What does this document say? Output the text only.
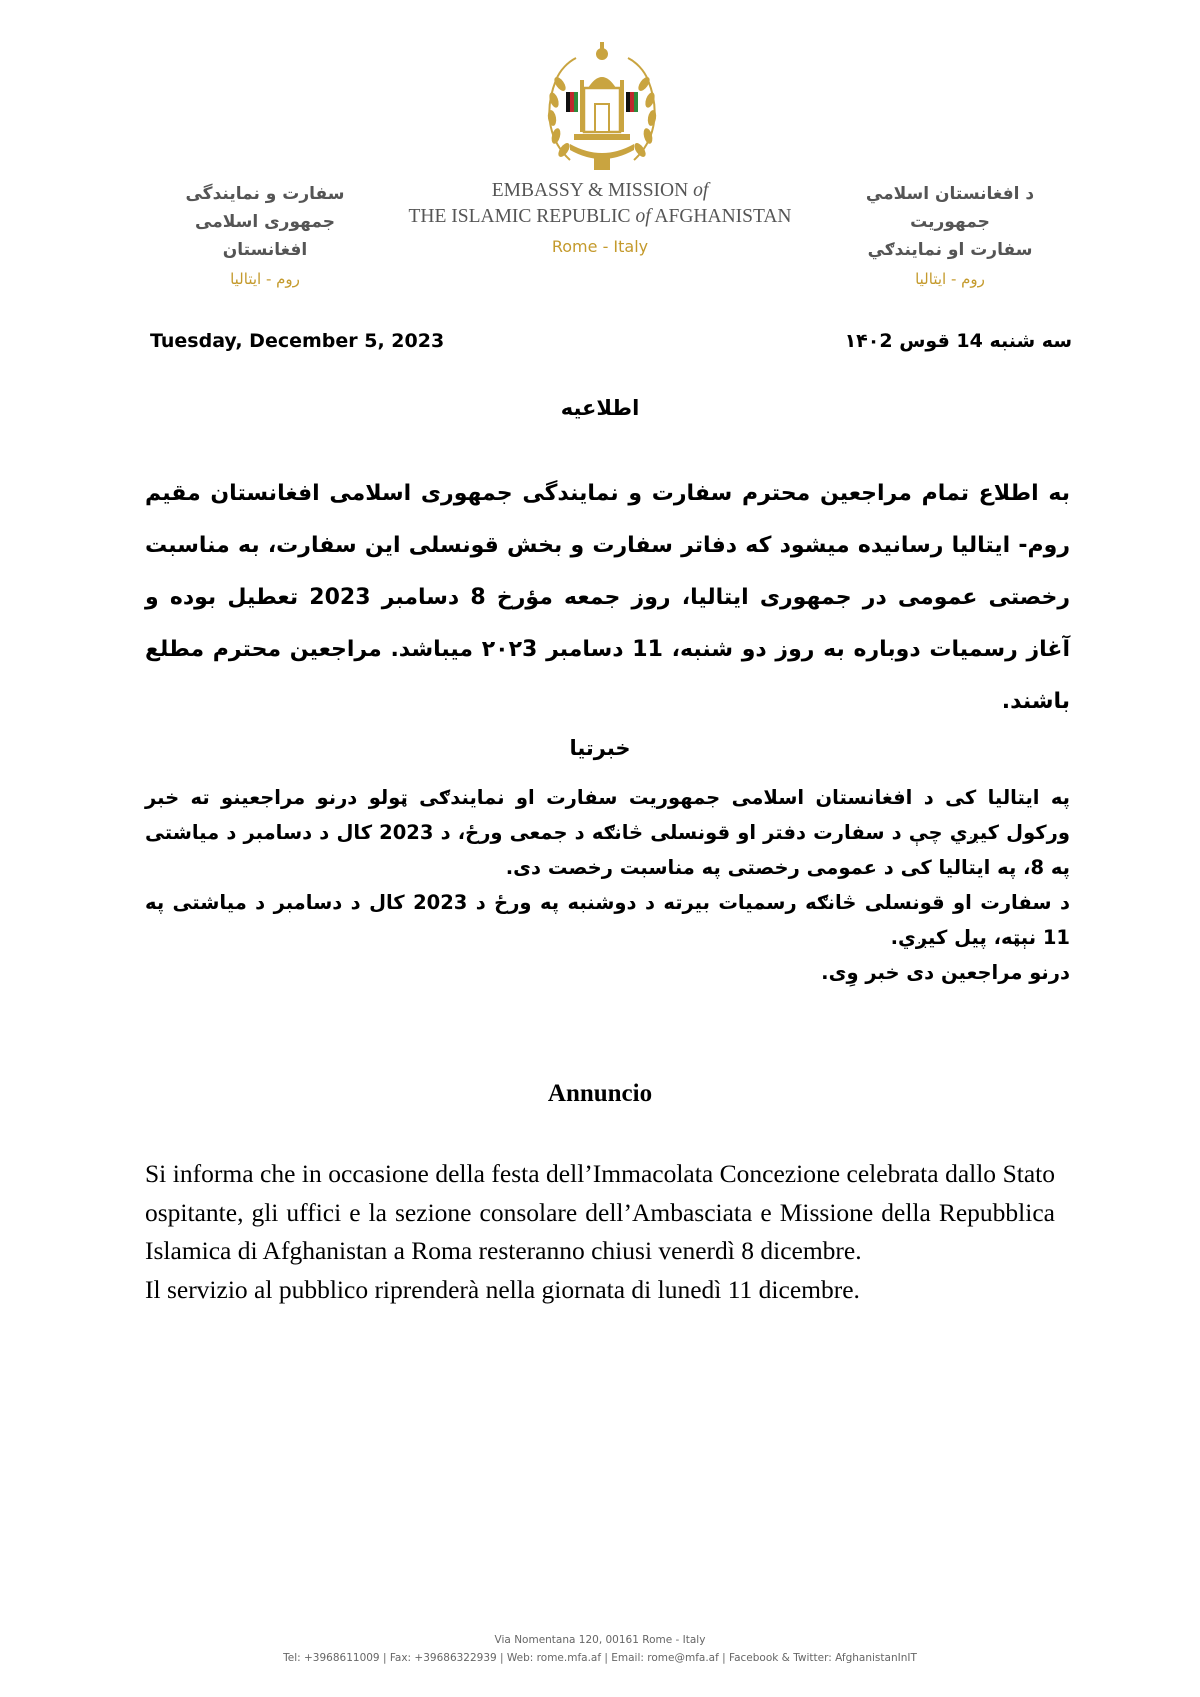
سفارت و نمایندگی
جمهوری اسلامی افغانستان
روم - ایتالیا
EMBASSY & MISSION of
THE ISLAMIC REPUBLIC of AFGHANISTAN
Rome - Italy
د افغانستان اسلامي جمهوریت
سفارت او نمایندګي
روم - ایتالیا
Tuesday, December 5, 2023	سه شنبه 14 قوس ۱۴۰2
اطلاعیه
به اطلاع تمام مراجعین محترم سفارت و نمایندگی جمهوری اسلامی افغانستان مقیم روم- ایتالیا رسانیده میشود که دفاتر سفارت و بخش قونسلی این سفارت، به مناسبت رخصتی عمومی در جمهوری ایتالیا، روز جمعه مؤرخ 8 دسامبر 2023 تعطیل بوده و آغاز رسمیات دوباره به روز دو شنبه، 11 دسامبر ۲۰۲3 میباشد. مراجعین محترم مطلع باشند.
خبرتیا

په ایتالیا کی د افغانستان اسلامی جمهوریت سفارت او نمایندګی ټولو درنو مراجعینو ته خبر ورکول کیږي چې د سفارت دفتر او قونسلی څانګه د جمعی ورځ، د 2023 کال د دسامبر د میاشتی په 8، په ایتالیا کی د عمومی رخصتی په مناسبت رخصت دی.

د سفارت او قونسلی څانګه رسمیات بیرته د دوشنبه په ورځ د 2023 کال د دسامبر د میاشتی په 11 نېټه، پیل کیږي.

درنو مراجعین دی خبر وِی.

Annuncio

Si informa che in occasione della festa dell’Immacolata Concezione celebrata dallo Stato ospitante, gli uffici e la sezione consolare dell’Ambasciata e Missione della Repubblica Islamica di Afghanistan a Roma resteranno chiusi venerdì 8 dicembre.

Il servizio al pubblico riprenderà nella giornata di lunedì 11 dicembre.

Via Nomentana 120, 00161 Rome - Italy
Tel: +3968611009 | Fax: +39686322939 | Web: rome.mfa.af | Email: rome@mfa.af | Facebook & Twitter: AfghanistanInIT
